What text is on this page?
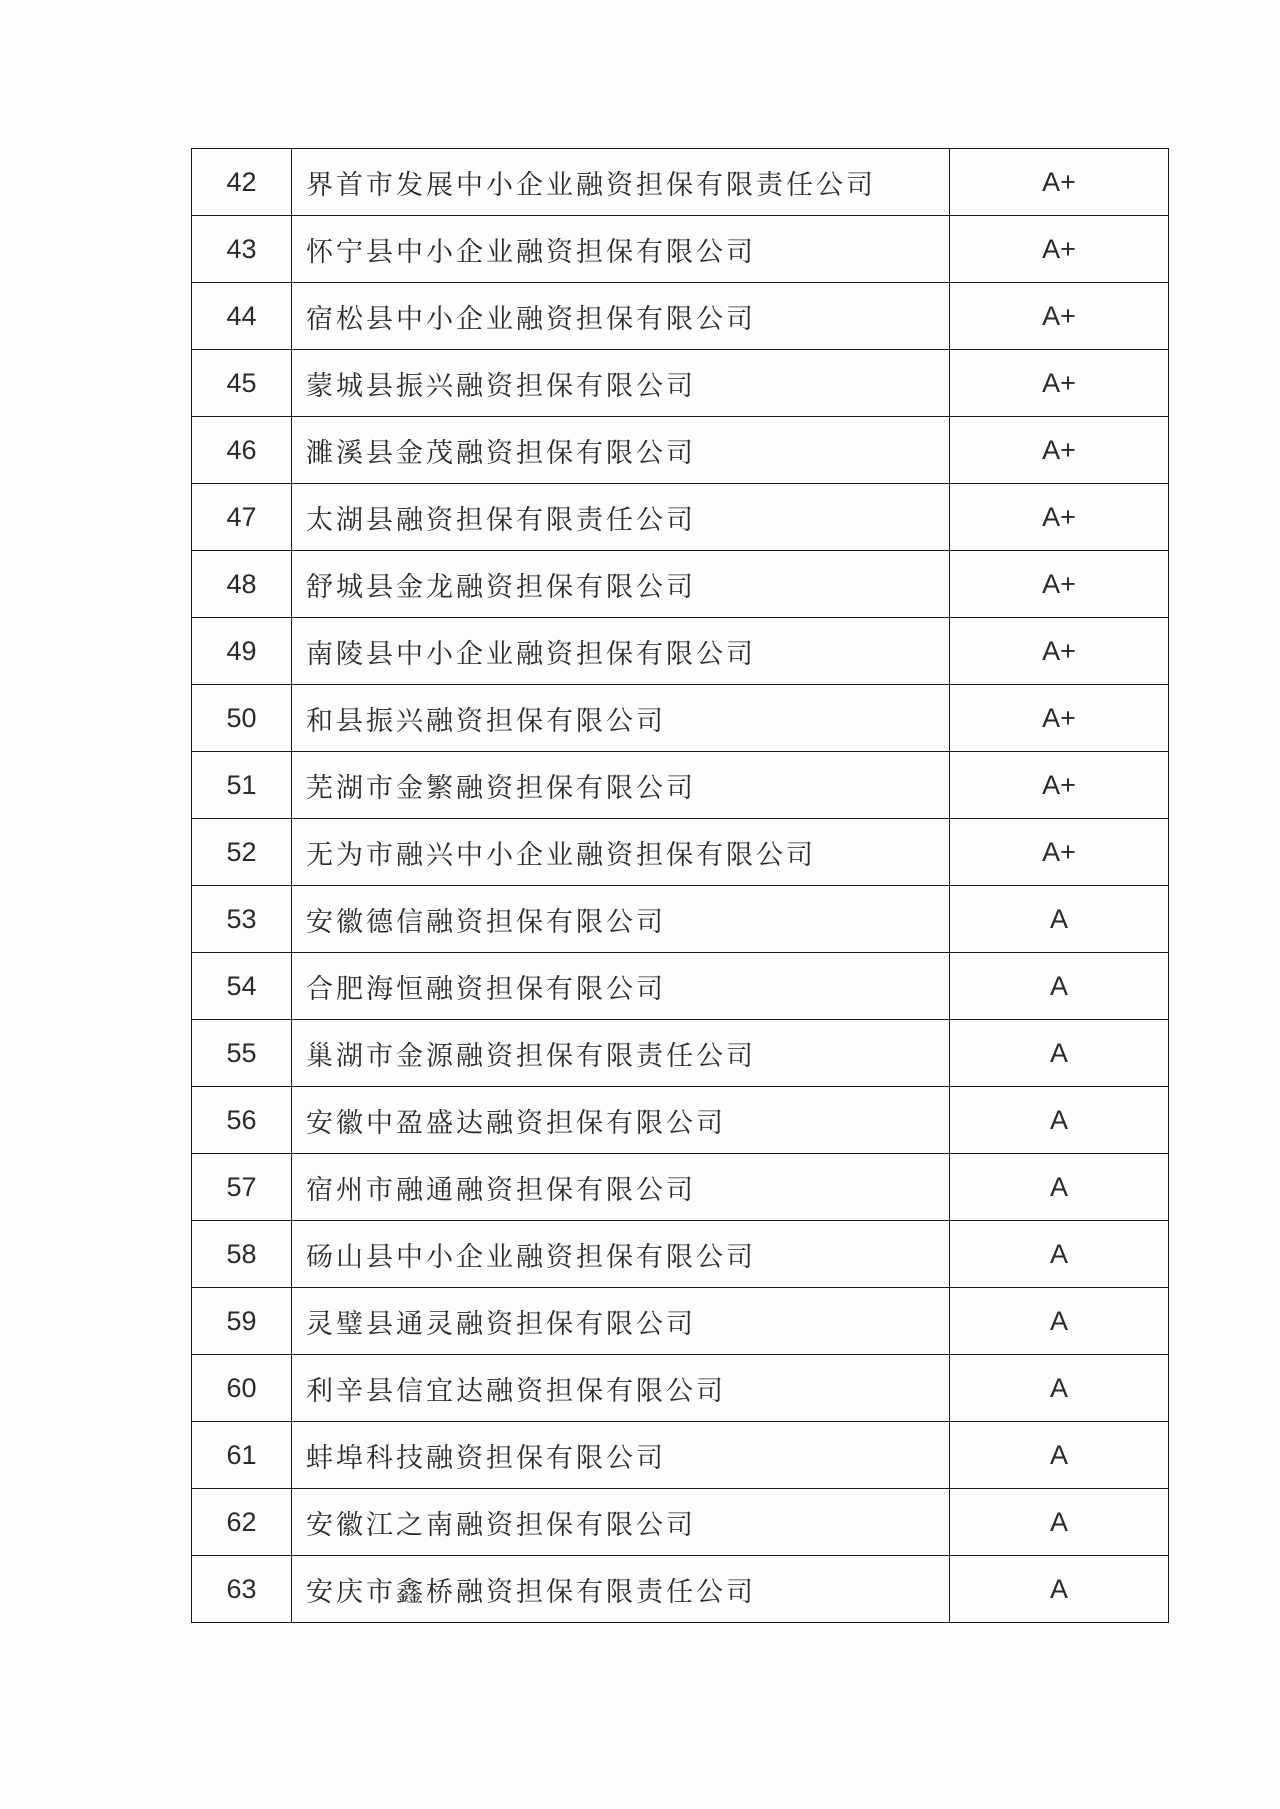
42	界首市发展中小企业融资担保有限责任公司	A+
43	怀宁县中小企业融资担保有限公司	A+
44	宿松县中小企业融资担保有限公司	A+
45	蒙城县振兴融资担保有限公司	A+
46	濉溪县金茂融资担保有限公司	A+
47	太湖县融资担保有限责任公司	A+
48	舒城县金龙融资担保有限公司	A+
49	南陵县中小企业融资担保有限公司	A+
50	和县振兴融资担保有限公司	A+
51	芜湖市金繁融资担保有限公司	A+
52	无为市融兴中小企业融资担保有限公司	A+
53	安徽德信融资担保有限公司	A
54	合肥海恒融资担保有限公司	A
55	巢湖市金源融资担保有限责任公司	A
56	安徽中盈盛达融资担保有限公司	A
57	宿州市融通融资担保有限公司	A
58	砀山县中小企业融资担保有限公司	A
59	灵璧县通灵融资担保有限公司	A
60	利辛县信宜达融资担保有限公司	A
61	蚌埠科技融资担保有限公司	A
62	安徽江之南融资担保有限公司	A
63	安庆市鑫桥融资担保有限责任公司	A
